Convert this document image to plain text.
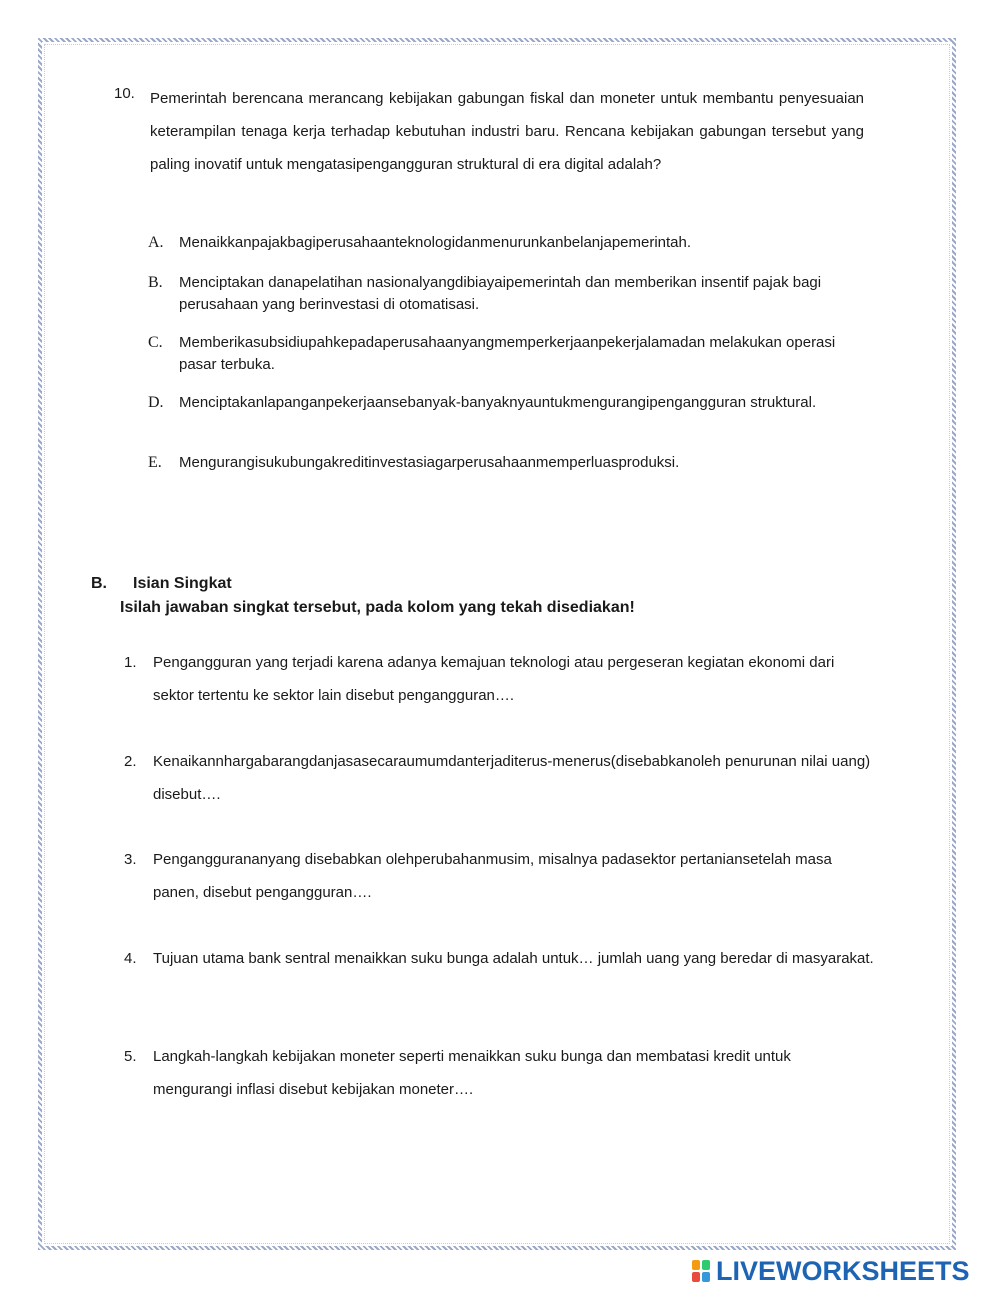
10. Pemerintah berencana merancang kebijakan gabungan fiskal dan moneter untuk membantu penyesuaian keterampilan tenaga kerja terhadap kebutuhan industri baru. Rencana kebijakan gabungan tersebut yang paling inovatif untuk mengatasipengangguran struktural di era digital adalah?
A. Menaikkanpajakbagiperusahaanteknologidanmenurunkanbelanjapemerintah.
B. Menciptakan danapelatihan nasionalyangdibiayaipemerintah dan memberikan insentif pajak bagi perusahaan yang berinvestasi di otomatisasi.
C. Memberikasubsidiupahkepadaperusahaanyangmemperkerjaanpekerjalamadan melakukan operasi pasar terbuka.
D. Menciptakanlapanganpekerjaansebanyak-banyaknyauntukmengurangipengangguran struktural.
E. Mengurangisukubungakreditinvestasiagarperusahaanmemperluasproduksi.
B. Isian Singkat
Isilah jawaban singkat tersebut, pada kolom yang tekah disediakan!
1. Pengangguran yang terjadi karena adanya kemajuan teknologi atau pergeseran kegiatan ekonomi dari sektor tertentu ke sektor lain disebut pengangguran….
2. Kenaikannhargabarangdanjasasecaraumumdanterjaditerus-menerus(disebabkanoleh penurunan nilai uang) disebut….
3. Penganggurananyang disebabkan olehperubahanmusim, misalnya padasektor pertaniansetelah masa panen, disebut pengangguran….
4. Tujuan utama bank sentral menaikkan suku bunga adalah untuk… jumlah uang yang beredar di masyarakat.
5. Langkah-langkah kebijakan moneter seperti menaikkan suku bunga dan membatasi kredit untuk mengurangi inflasi disebut kebijakan moneter….
LIVEWORKSHEETS
